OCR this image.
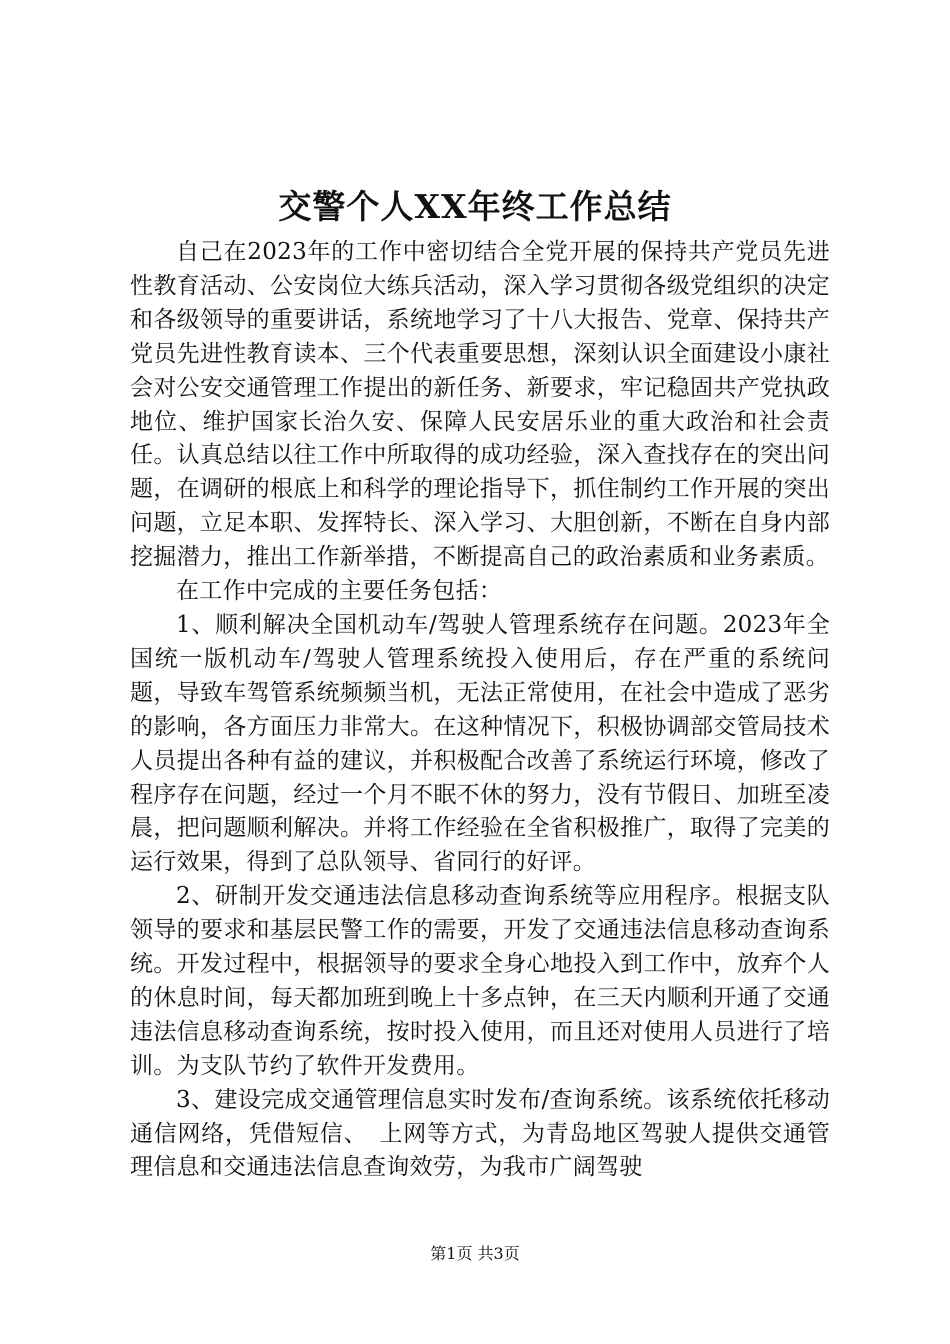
交警个人XX年终工作总结

自己在2023年的工作中密切结合全党开展的保持共产党员先进性教育活动、公安岗位大练兵活动，深入学习贯彻各级党组织的决定和各级领导的重要讲话，系统地学习了十八大报告、党章、保持共产党员先进性教育读本、三个代表重要思想，深刻认识全面建设小康社会对公安交通管理工作提出的新任务、新要求，牢记稳固共产党执政地位、维护国家长治久安、保障人民安居乐业的重大政治和社会责任。认真总结以往工作中所取得的成功经验，深入查找存在的突出问题，在调研的根底上和科学的理论指导下，抓住制约工作开展的突出问题，立足本职、发挥特长、深入学习、大胆创新，不断在自身内部挖掘潜力，推出工作新举措，不断提高自己的政治素质和业务素质。

在工作中完成的主要任务包括：

1、顺利解决全国机动车/驾驶人管理系统存在问题。2023年全国统一版机动车/驾驶人管理系统投入使用后，存在严重的系统问题，导致车驾管系统频频当机，无法正常使用，在社会中造成了恶劣的影响，各方面压力非常大。在这种情况下，积极协调部交管局技术人员提出各种有益的建议，并积极配合改善了系统运行环境，修改了程序存在问题，经过一个月不眠不休的努力，没有节假日、加班至凌晨，把问题顺利解决。并将工作经验在全省积极推广，取得了完美的运行效果，得到了总队领导、省同行的好评。

2、研制开发交通违法信息移动查询系统等应用程序。根据支队领导的要求和基层民警工作的需要，开发了交通违法信息移动查询系统。开发过程中，根据领导的要求全身心地投入到工作中，放弃个人的休息时间，每天都加班到晚上十多点钟，在三天内顺利开通了交通违法信息移动查询系统，按时投入使用，而且还对使用人员进行了培训。为支队节约了软件开发费用。

3、建设完成交通管理信息实时发布/查询系统。该系统依托移动通信网络，凭借短信、　上网等方式，为青岛地区驾驶人提供交通管理信息和交通违法信息查询效劳，为我市广阔驾驶

第1页 共3页
